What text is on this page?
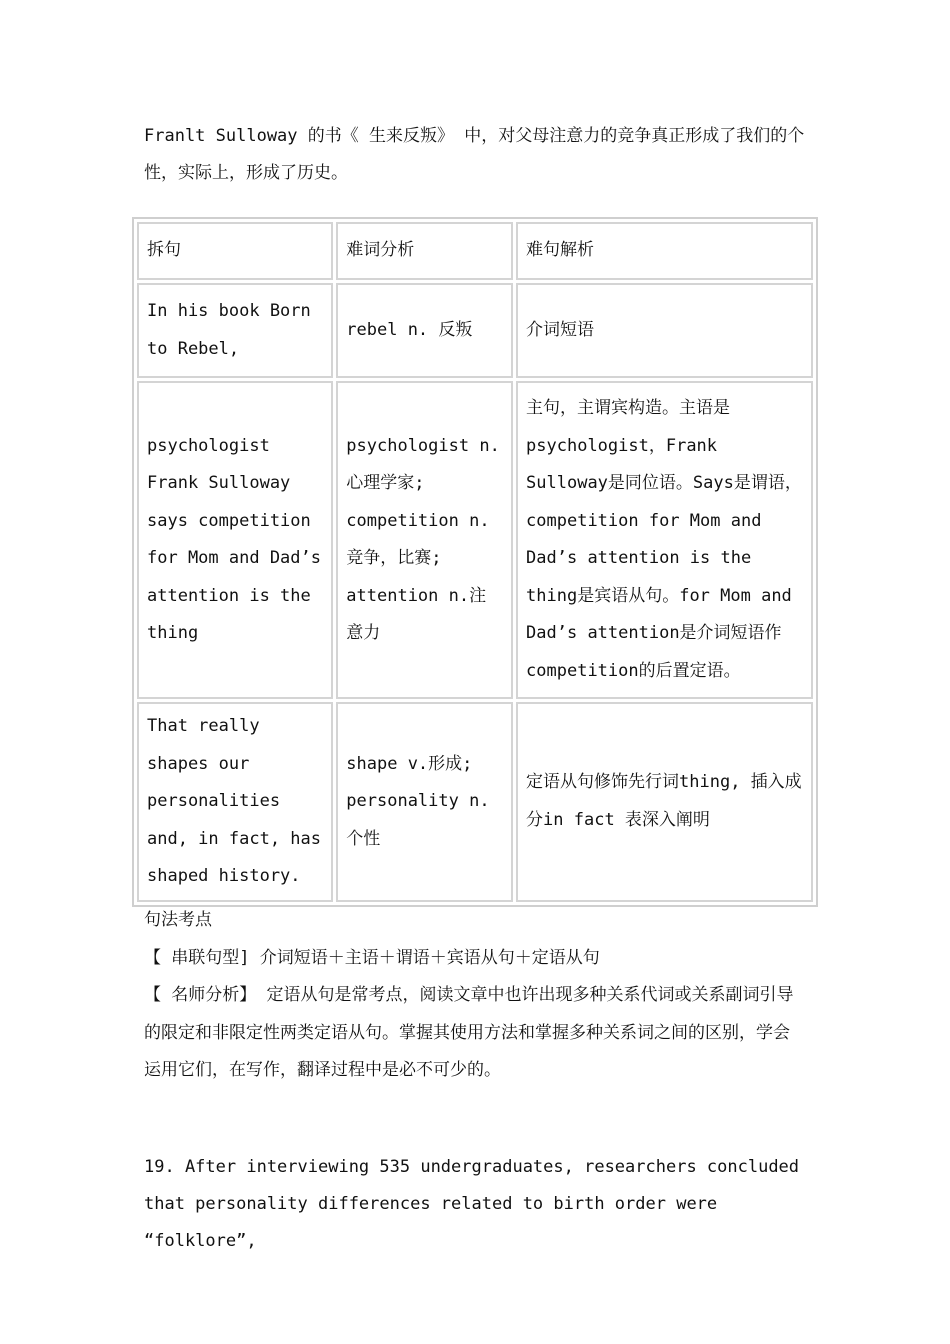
Franlt Sulloway 的书《 生来反叛》 中，对父母注意力的竞争真正形成了我们的个性，实际上，形成了历史。

拆句	难词分析	难句解析
In his book Born to Rebel,	rebel n. 反叛	介词短语
psychologist Frank Sulloway says competition for Mom and Dad’s attention is the thing	psychologist n. 心理学家; competition n.竞争，比赛; attention n.注意力	主句，主谓宾构造。主语是psychologist，Frank Sulloway是同位语。Says是谓语，competition for Mom and Dad’s attention is the thing是宾语从句。for Mom and Dad’s attention是介词短语作competition的后置定语。
That really shapes our personalities and, in fact, has shaped history.	shape v.形成; personality n. 个性	定语从句修饰先行词thing, 插入成分in fact 表深入阐明
句法考点
【 串联句型] 介词短语＋主语＋谓语＋宾语从句＋定语从句
【 名师分析】 定语从句是常考点，阅读文章中也许出现多种关系代词或关系副词引导的限定和非限定性两类定语从句。掌握其使用方法和掌握多种关系词之间的区别，学会运用它们，在写作，翻译过程中是必不可少的。

19. After interviewing 535 undergraduates, researchers concluded that personality differences related to birth order were “folklore”,
